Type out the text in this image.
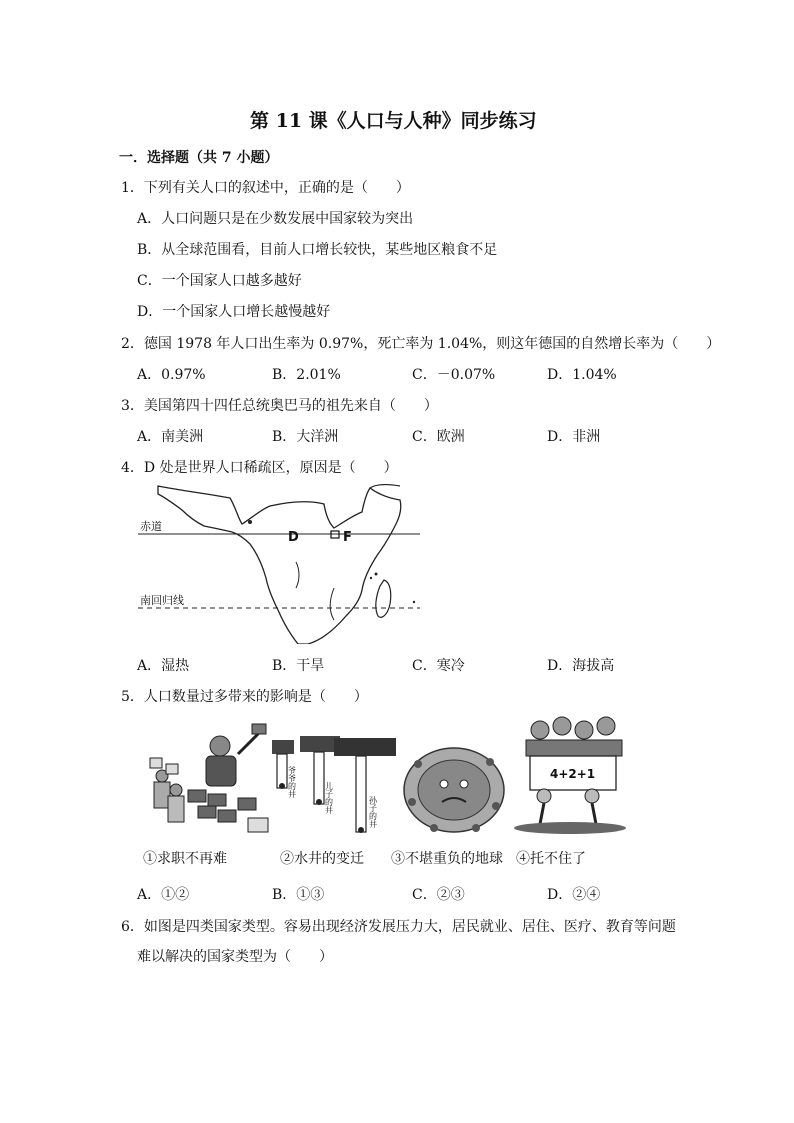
第 11 课《人口与人种》同步练习
一．选择题（共 7 小题）
1．下列有关人口的叙述中，正确的是（　　）
A．人口问题只是在少数发展中国家较为突出
B．从全球范围看，目前人口增长较快，某些地区粮食不足
C．一个国家人口越多越好
D．一个国家人口增长越慢越好
2．德国 1978 年人口出生率为 0.97%，死亡率为 1.04%，则这年德国的自然增长率为（　　）
A．0.97%	B．2.01%	C．－0.07%	D．1.04%
3．美国第四十四任总统奥巴马的祖先来自（　　）
A．南美洲	B．大洋洲	C．欧洲	D．非洲
4．D 处是世界人口稀疏区，原因是（　　）
赤道
南回归线
D	F
A．湿热	B．干旱	C．寒冷	D．海拔高
5．人口数量过多带来的影响是（　　）
爷爷的井	儿子的井	孙子的井
4+2+1
①求职不再难	②水井的变迁 ③不堪重负的地球 ④托不住了
A．①②	B．①③	C．②③	D．②④
6．如图是四类国家类型。容易出现经济发展压力大，居民就业、居住、医疗、教育等问题
难以解决的国家类型为（　　）
